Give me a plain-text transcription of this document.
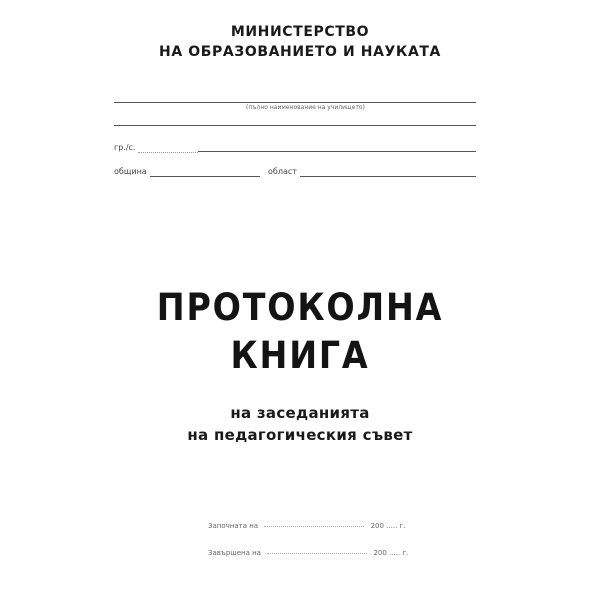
МИНИСТЕРСТВО
НА ОБРАЗОВАНИЕТО И НАУКАТА
(пълно наименование на училището)
гр./с.
община	област
ПРОТОКОЛНА
КНИГА
на заседанията
на педагогическия съвет
Започната на	200 ..... г.
Завършена на	200 ..... г.
